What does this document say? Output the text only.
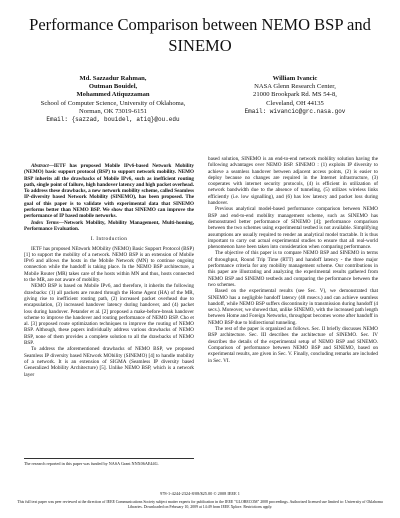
Performance Comparison between NEMO BSP and SINEMO
Md. Sazzadur Rahman,
Outman Bouidel,
Mohammed Atiquzzaman
School of Computer Science, University of Oklahoma,
Norman, OK 73019-6151
Email: {sazzad, bouidel, atiq}@ou.edu
William Ivancic
NASA Glenn Research Center,
21000 Brookpark Rd. MS 54-8,
Cleveland, OH 44135
Email: wivancic@grc.nasa.gov

Abstract—IETF has proposed Mobile IPv6-based Network Mobility (NEMO) basic support protocol (BSP) to support network mobility. NEMO BSP inherits all the drawbacks of Mobile IPv6, such as inefficient routing path, single point of failure, high handover latency and high packet overhead. To address these drawbacks, a new network mobility scheme, called Seamless IP-diversity based Network Mobility (SINEMO), has been proposed. The goal of this paper is to validate with experimental data that SINEMO performs better than NEMO BSP. We show that SINEMO can improve the performance of IP based mobile networks.

Index Terms—Network Mobility, Mobility Management, Multi-homing, Performance Evaluation.

I. Introduction

IETF has proposed NEtwork MObility (NEMO) Basic Support Protocol (BSP) [1] to support the mobility of a network. NEMO BSP is an extension of Mobile IPv6 and allows the hosts in the Mobile Network (MN) to continue ongoing connection while the handoff is taking place. In the NEMO BSP architecture, a Mobile Router (MR) takes care of the hosts within MN and thus, hosts connected to the MR, are not aware of mobility.

NEMO BSP is based on Mobile IPv6, and therefore, it inherits the following drawbacks: (1) all packets are routed through the Home Agent (HA) of the MR, giving rise to inefficient routing path, (2) increased packet overhead due to encapsulation, (3) increased handover latency during handover, and (4) packet loss during handover. Petander et al. [2] proposed a make-before-break handover scheme to improve the handover and routing performance of NEMO BSP. Cho et al. [3] proposed route optimization techniques to improve the routing of NEMO BSP. Although, these papers individually address various drawbacks of NEMO BSP, none of them provides a complete solution to all the drawbacks of NEMO BSP.

To address the aforementioned drawbacks of NEMO BSP, we proposed Seamless IP diversity based NEtwork MObility (SINEMO) [4] to handle mobility of a network. It is an extension of SIGMA (Seamless IP diversity based Generalized Mobility Architecture) [5]. Unlike NEMO BSP, which is a network layer

based solution, SINEMO is an end-to-end network mobility solution having the following advantages over NEMO BSP. SINEMO : (1) exploits IP diversity to achieve a seamless handover between adjacent access points, (2) is easier to deploy because no changes are required in the Internet infrastructure, (3) cooperates with internet security protocols, (4) is efficient in utilization of network bandwidth due to the absence of tunneling, (5) utilizes wireless links efficiently (i.e. low signalling), and (6) has low latency and packet loss during handover.

Previous analytical model-based performance comparison between NEMO BSP and end-to-end mobility management scheme, such as SINEMO has demonstrated better performance of SINEMO [4]; performance comparison between the two schemes using experimental testbed is not available. Simplifying assumptions are usually required to render an analytical model tractable. It is thus important to carry out actual experimental studies to ensure that all real-world phenomenon have been taken into consideration when comparing performance.

The objective of this paper is to compare NEMO BSP and SINEMO in terms of throughput, Round Trip Time (RTT) and handoff latency - the three major performance criteria for any mobility management scheme. Our contributions in this paper are illustrating and analyzing the experimental results gathered from NEMO BSP and SINEMO testbeds and comparing the performance between the two schemes.

Based on the experimental results (see Sec. V), we demonstrated that SINEMO has a negligible handoff latency (48 msecs.) and can achieve seamless handoff, while NEMO BSP suffers discontinuity in transmission during handoff (4 secs.). Moreover, we showed that, unlike SINEMO, with the increased path length between Home and Foreign Networks, throughput becomes worse after handoff in NEMO BSP due to bidirectional tunneling.

The rest of the paper is organized as follows. Sec. II briefly discusses NEMO BSP architecture. Sec. III describes the architecture of SINEMO. Sec. IV describes the details of the experimental setup of NEMO BSP and SINEMO. Comparison of performance between NEMO BSP and SINEMO, based on experimental results, are given in Sec. V. Finally, concluding remarks are included in Sec. VI.

The research reported in this paper was funded by NASA Grant NNX06AE44G.
978-1-4244-2324-8/08/$25.00 © 2008 IEEE 1
This full text paper was peer reviewed at the direction of IEEE Communications Society subject matter experts for publication in the IEEE "GLOBECOM" 2008 proceedings. Authorized licensed use limited to: University of Oklahoma Libraries. Downloaded on February 10, 2009 at 14:49 from IEEE Xplore. Restrictions apply.
